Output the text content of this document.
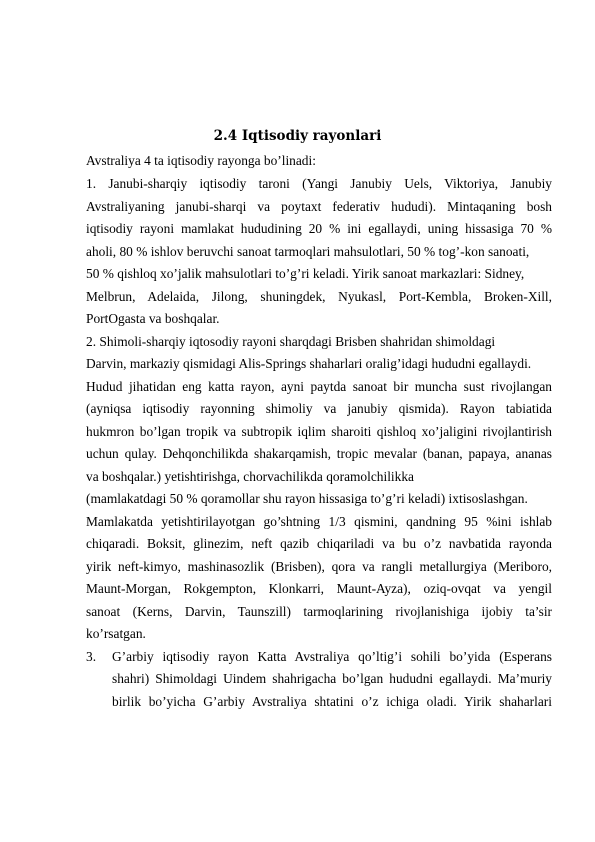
2.4 Iqtisodiy rayonlari
Avstraliya 4 ta iqtisodiy rayonga bo’linadi:
1. Janubi-sharqiy iqtisodiy taroni (Yangi Janubiy Uels, Viktoriya, Janubiy
Avstraliyaning janubi-sharqi va poytaxt federativ hududi). Mintaqaning bosh
iqtisodiy rayoni mamlakat hududining 20 % ini egallaydi, uning hissasiga 70 %
aholi, 80 % ishlov beruvchi sanoat tarmoqlari mahsulotlari, 50 % tog’-kon sanoati,
50 % qishloq xo’jalik mahsulotlari to’g’ri keladi. Yirik sanoat markazlari: Sidney,
Melbrun, Adelaida, Jilong, shuningdek, Nyukasl, Port-Kembla, Broken-Xill,
PortOgasta va boshqalar.
2. Shimoli-sharqiy iqtosodiy rayoni sharqdagi Brisben shahridan shimoldagi
Darvin, markaziy qismidagi Alis-Springs shaharlari oralig’idagi hududni egallaydi.
Hudud jihatidan eng katta rayon, ayni paytda sanoat bir muncha sust rivojlangan
(ayniqsa iqtisodiy rayonning shimoliy va janubiy qismida). Rayon tabiatida
hukmron bo’lgan tropik va subtropik iqlim sharoiti qishloq xo’jaligini rivojlantirish
uchun qulay. Dehqonchilikda shakarqamish, tropic mevalar (banan, papaya, ananas
va boshqalar.) yetishtirishga, chorvachilikda qoramolchilikka
(mamlakatdagi 50 % qoramollar shu rayon hissasiga to’g’ri keladi) ixtisoslashgan.
Mamlakatda yetishtirilayotgan go’shtning 1/3 qismini, qandning 95 %ini ishlab
chiqaradi. Boksit, glinezim, neft qazib chiqariladi va bu o’z navbatida rayonda
yirik neft-kimyo, mashinasozlik (Brisben), qora va rangli metallurgiya (Meriboro,
Maunt-Morgan, Rokgempton, Klonkarri, Maunt-Ayza), oziq-ovqat va yengil
sanoat (Kerns, Darvin, Taunszill) tarmoqlarining rivojlanishiga ijobiy ta’sir
ko’rsatgan.
3. G’arbiy iqtisodiy rayon Katta Avstraliya qo’ltig’i sohili bo’yida (Esperans
shahri) Shimoldagi Uindem shahrigacha bo’lgan hududni egallaydi. Ma’muriy
birlik bo’yicha G’arbiy Avstraliya shtatini o’z ichiga oladi. Yirik shaharlari
